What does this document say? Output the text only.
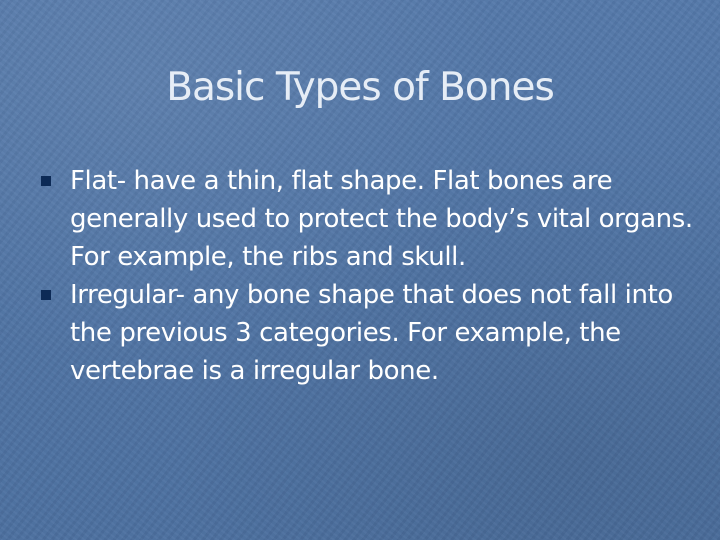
Basic Types of Bones
Flat- have a thin, flat shape. Flat bones are generally used to protect the body’s vital organs. For example, the ribs and skull.
Irregular- any bone shape that does not fall into the previous 3 categories. For example, the vertebrae is a irregular bone.
